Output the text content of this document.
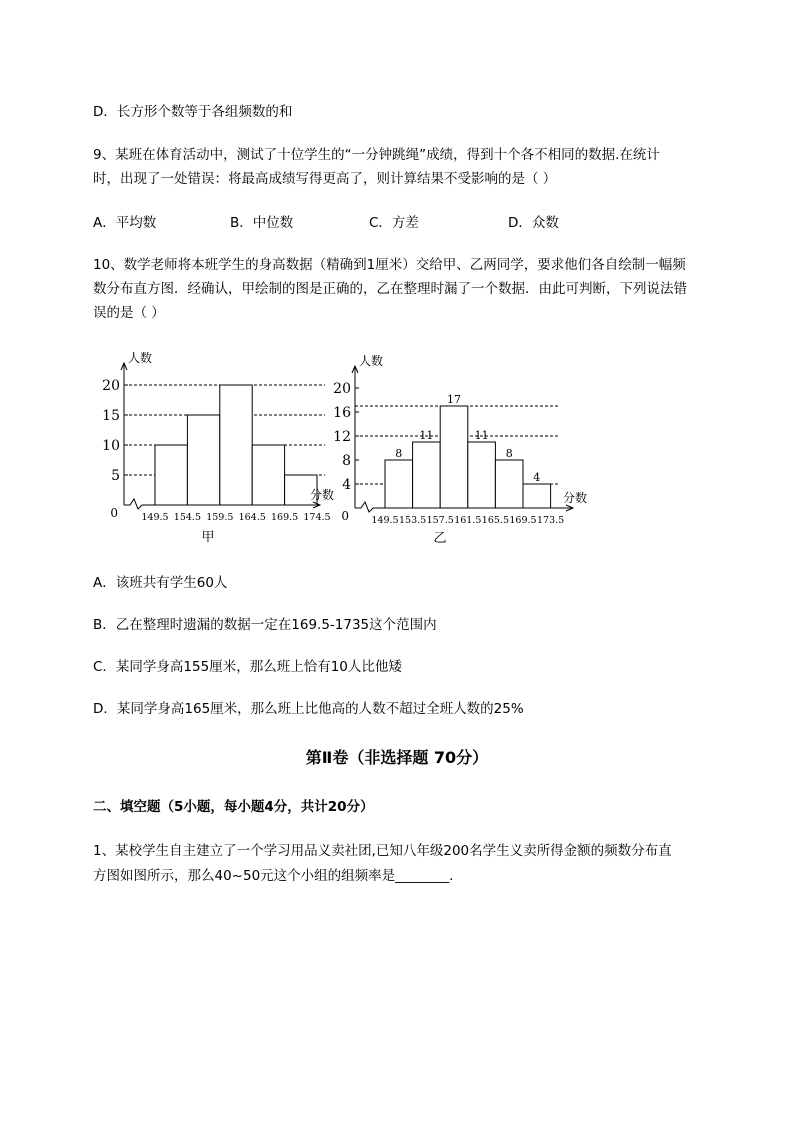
D．长方形个数等于各组频数的和
9、某班在体育活动中，测试了十位学生的“一分钟跳绳”成绩，得到十个各不相同的数据.在统计
时，出现了一处错误：将最高成绩写得更高了，则计算结果不受影响的是（ ）
A．平均数	B．中位数	C．方差	D．众数
10、数学老师将本班学生的身高数据（精确到1厘米）交给甲、乙两同学，要求他们各自绘制一幅频
数分布直方图．经确认，甲绘制的图是正确的，乙在整理时漏了一个数据．由此可判断，下列说法错
误的是（ ）
5
10
15
20
149.5 154.5 159.5 164.5 169.5 174.5
0
人数
分数
甲
4
8
12
16
20
149.5 153.5 157.5 161.5 165.5 169.5 173.5
8
11
17
11
8
4
0
人数
分数
乙
A．该班共有学生60人
B．乙在整理时遗漏的数据一定在169.5-1735这个范围内
C．某同学身高155厘米，那么班上恰有10人比他矮
D．某同学身高165厘米，那么班上比他高的人数不超过全班人数的25%
第Ⅱ卷（非选择题 70分）
二、填空题（5小题，每小题4分，共计20分）
1、某校学生自主建立了一个学习用品义卖社团,已知八年级200名学生义卖所得金额的频数分布直
方图如图所示，那么40~50元这个小组的组频率是________.
